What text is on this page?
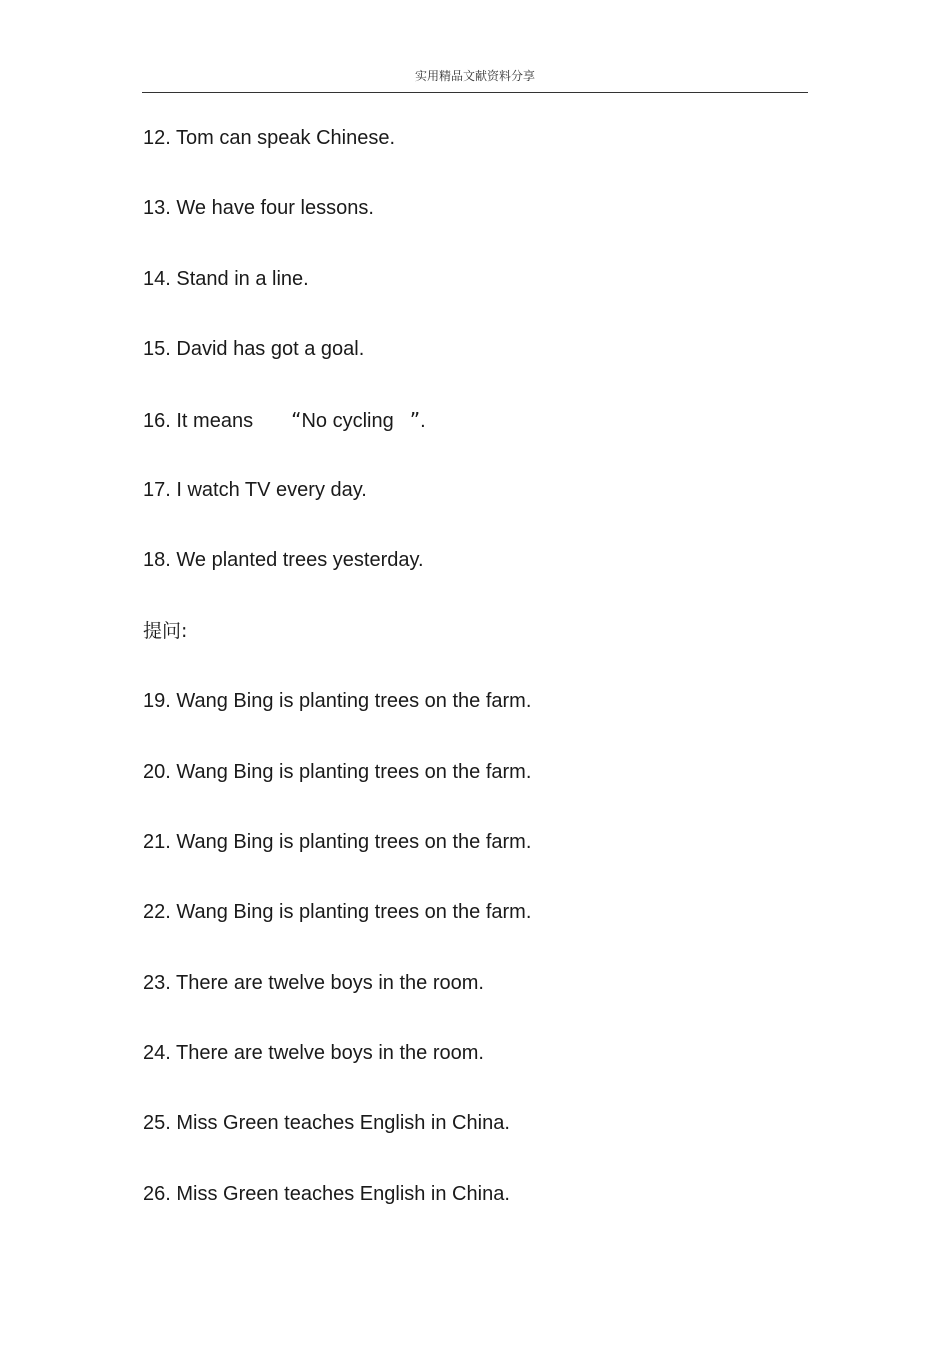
实用精品文献资料分享
12. Tom can speak Chinese.
13. We have four lessons.
14. Stand in a line.
15. David has got a goal.
16. It means “No cycling ”.
17. I watch TV every day.
18. We planted trees yesterday.
提问:
19. Wang Bing is planting trees on the farm.
20. Wang Bing is planting trees on the farm.
21. Wang Bing is planting trees on the farm.
22. Wang Bing is planting trees on the farm.
23. There are twelve boys in the room.
24. There are twelve boys in the room.
25. Miss Green teaches English in China.
26. Miss Green teaches English in China.
